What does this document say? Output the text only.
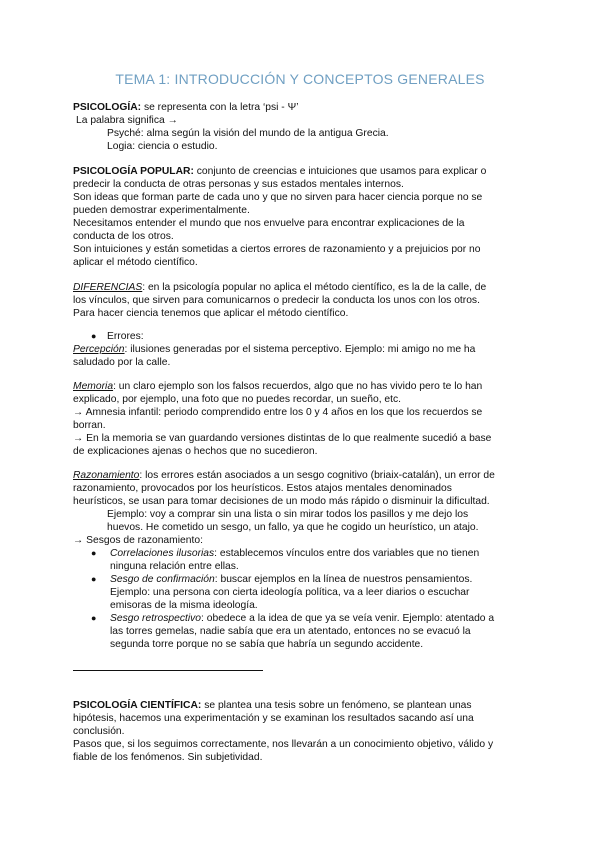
TEMA 1: INTRODUCCIÓN Y CONCEPTOS GENERALES
PSICOLOGÍA: se representa con la letra ‘psi - Ψ’
La palabra significa →
Psyché: alma según la visión del mundo de la antigua Grecia.
Logia: ciencia o estudio.
PSICOLOGÍA POPULAR: conjunto de creencias e intuiciones que usamos para explicar o
predecir la conducta de otras personas y sus estados mentales internos.
Son ideas que forman parte de cada uno y que no sirven para hacer ciencia porque no se
pueden demostrar experimentalmente.
Necesitamos entender el mundo que nos envuelve para encontrar explicaciones de la
conducta de los otros.
Son intuiciones y están sometidas a ciertos errores de razonamiento y a prejuicios por no
aplicar el método científico.
DIFERENCIAS: en la psicología popular no aplica el método científico, es la de la calle, de
los vínculos, que sirven para comunicarnos o predecir la conducta los unos con los otros.
Para hacer ciencia tenemos que aplicar el método científico.
● Errores:
Percepción: ilusiones generadas por el sistema perceptivo. Ejemplo: mi amigo no me ha
saludado por la calle.
Memoria: un claro ejemplo son los falsos recuerdos, algo que no has vivido pero te lo han
explicado, por ejemplo, una foto que no puedes recordar, un sueño, etc.
→ Amnesia infantil: periodo comprendido entre los 0 y 4 años en los que los recuerdos se
borran.
→ En la memoria se van guardando versiones distintas de lo que realmente sucedió a base
de explicaciones ajenas o hechos que no sucedieron.
Razonamiento: los errores están asociados a un sesgo cognitivo (briaix-catalán), un error de
razonamiento, provocados por los heurísticos. Estos atajos mentales denominados
heurísticos, se usan para tomar decisiones de un modo más rápido o disminuir la dificultad.
Ejemplo: voy a comprar sin una lista o sin mirar todos los pasillos y me dejo los
huevos. He cometido un sesgo, un fallo, ya que he cogido un heurístico, un atajo.
→ Sesgos de razonamiento:
● Correlaciones ilusorias: establecemos vínculos entre dos variables que no tienen
ninguna relación entre ellas.
● Sesgo de confirmación: buscar ejemplos en la línea de nuestros pensamientos.
Ejemplo: una persona con cierta ideología política, va a leer diarios o escuchar
emisoras de la misma ideología.
● Sesgo retrospectivo: obedece a la idea de que ya se veía venir. Ejemplo: atentado a
las torres gemelas, nadie sabía que era un atentado, entonces no se evacuó la
segunda torre porque no se sabía que habría un segundo accidente.
PSICOLOGÍA CIENTÍFICA: se plantea una tesis sobre un fenómeno, se plantean unas
hipótesis, hacemos una experimentación y se examinan los resultados sacando así una
conclusión.
Pasos que, si los seguimos correctamente, nos llevarán a un conocimiento objetivo, válido y
fiable de los fenómenos. Sin subjetividad.
